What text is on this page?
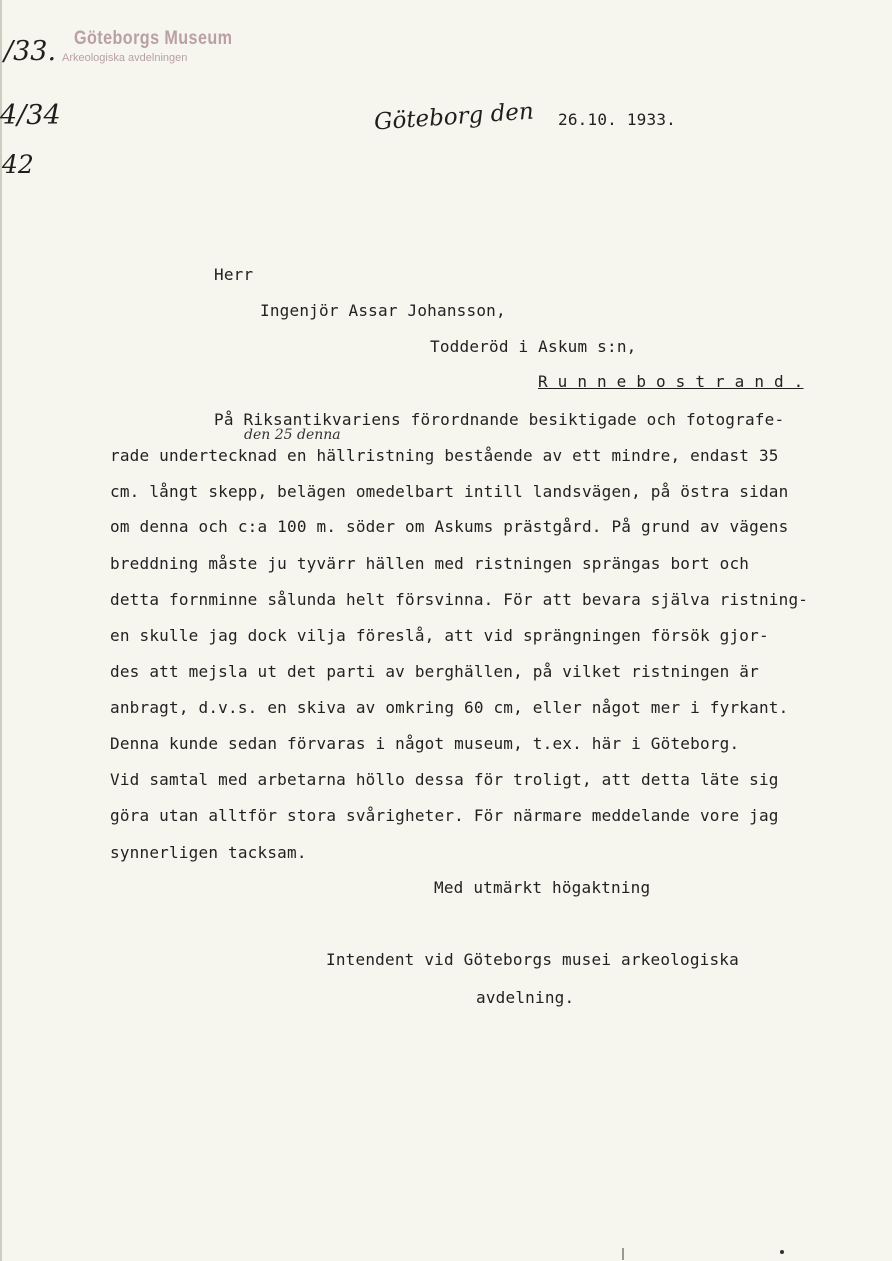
/33.
4/34
42
Göteborgs Museum
Arkeologiska avdelningen
Göteborg den 26.10. 1933.
Herr
Ingenjör Assar Johansson,
Todderöd i Askum s:n,
R u n n e b o s t r a n d .
den 25 denna
På Riksantikvariens förordnande besiktigade och fotografe-
rade undertecknad en hällristning bestående av ett mindre, endast 35
cm. långt skepp, belägen omedelbart intill landsvägen, på östra sidan
om denna och c:a 100 m. söder om Askums prästgård. På grund av vägens
breddning måste ju tyvärr hällen med ristningen sprängas bort och
detta fornminne sålunda helt försvinna. För att bevara själva ristning-
en skulle jag dock vilja föreslå, att vid sprängningen försök gjor-
des att mejsla ut det parti av berghällen, på vilket ristningen är
anbragt, d.v.s. en skiva av omkring 60 cm, eller något mer i fyrkant.
Denna kunde sedan förvaras i något museum, t.ex. här i Göteborg.
Vid samtal med arbetarna höllo dessa för troligt, att detta läte sig
göra utan alltför stora svårigheter. För närmare meddelande vore jag
synnerligen tacksam.
Med utmärkt högaktning
Intendent vid Göteborgs musei arkeologiska
avdelning.
